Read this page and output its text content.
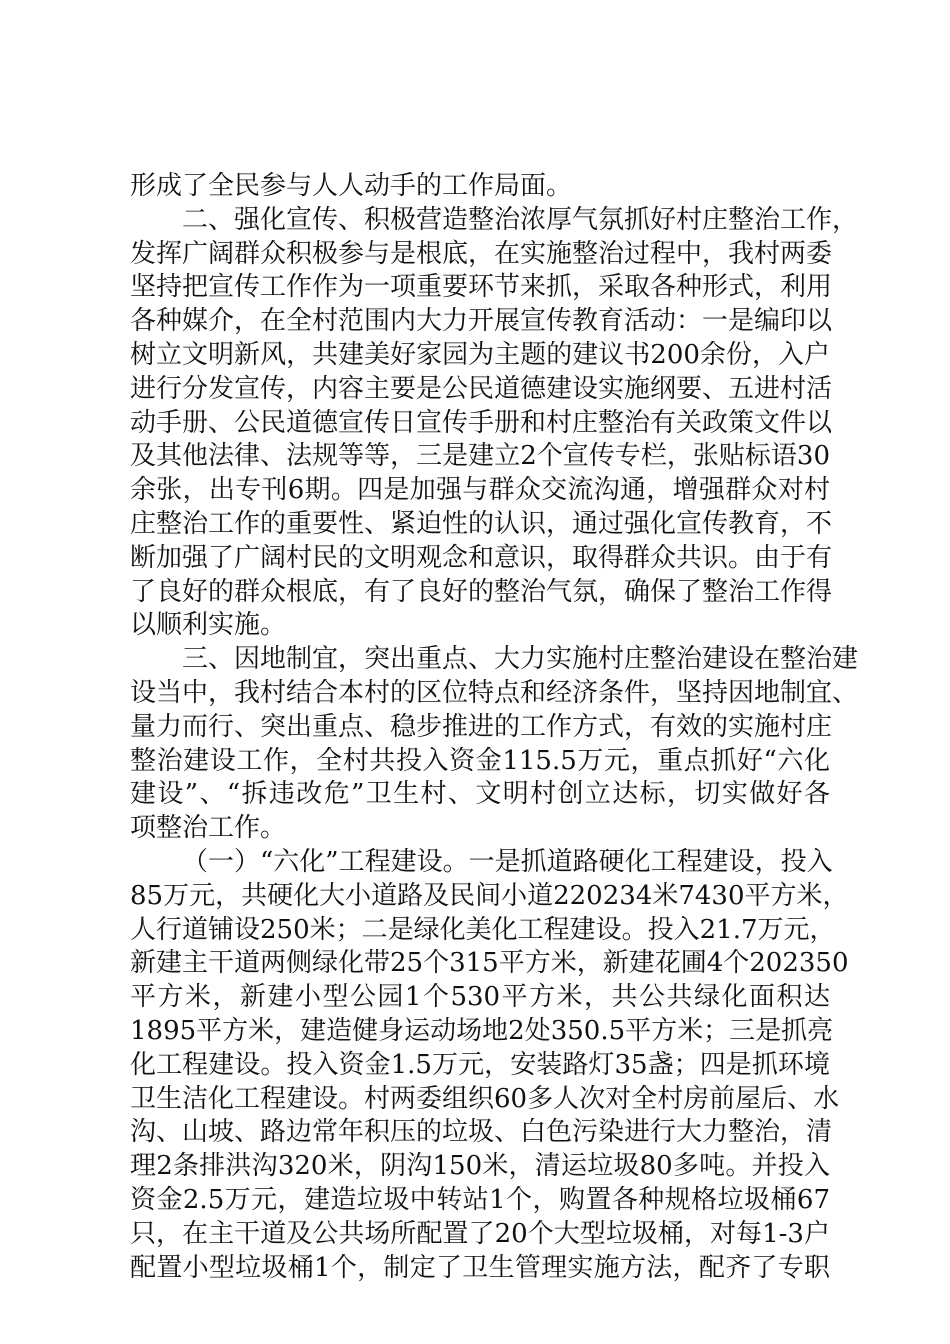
形成了全民参与人人动手的工作局面。
二、强化宣传、积极营造整治浓厚气氛抓好村庄整治工作，
发挥广阔群众积极参与是根底，在实施整治过程中，我村两委
坚持把宣传工作作为一项重要环节来抓，采取各种形式，利用
各种媒介，在全村范围内大力开展宣传教育活动：一是编印以
树立文明新风，共建美好家园为主题的建议书200余份，入户
进行分发宣传，内容主要是公民道德建设实施纲要、五进村活
动手册、公民道德宣传日宣传手册和村庄整治有关政策文件以
及其他法律、法规等等，三是建立2个宣传专栏，张贴标语30
余张，出专刊6期。四是加强与群众交流沟通，增强群众对村
庄整治工作的重要性、紧迫性的认识，通过强化宣传教育，不
断加强了广阔村民的文明观念和意识，取得群众共识。由于有
了良好的群众根底，有了良好的整治气氛，确保了整治工作得
以顺利实施。
三、因地制宜，突出重点、大力实施村庄整治建设在整治建
设当中，我村结合本村的区位特点和经济条件，坚持因地制宜、
量力而行、突出重点、稳步推进的工作方式，有效的实施村庄
整治建设工作，全村共投入资金115.5万元，重点抓好“六化
建设”、“拆违改危”卫生村、文明村创立达标，切实做好各
项整治工作。
（一）“六化”工程建设。一是抓道路硬化工程建设，投入
85万元，共硬化大小道路及民间小道220234米7430平方米，
人行道铺设250米；二是绿化美化工程建设。投入21.7万元，
新建主干道两侧绿化带25个315平方米，新建花圃4个202350
平方米，新建小型公园1个530平方米，共公共绿化面积达
1895平方米，建造健身运动场地2处350.5平方米；三是抓亮
化工程建设。投入资金1.5万元，安装路灯35盏；四是抓环境
卫生洁化工程建设。村两委组织60多人次对全村房前屋后、水
沟、山坡、路边常年积压的垃圾、白色污染进行大力整治，清
理2条排洪沟320米，阴沟150米，清运垃圾80多吨。并投入
资金2.5万元，建造垃圾中转站1个，购置各种规格垃圾桶67
只，在主干道及公共场所配置了20个大型垃圾桶，对每1-3户
配置小型垃圾桶1个，制定了卫生管理实施方法，配齐了专职
